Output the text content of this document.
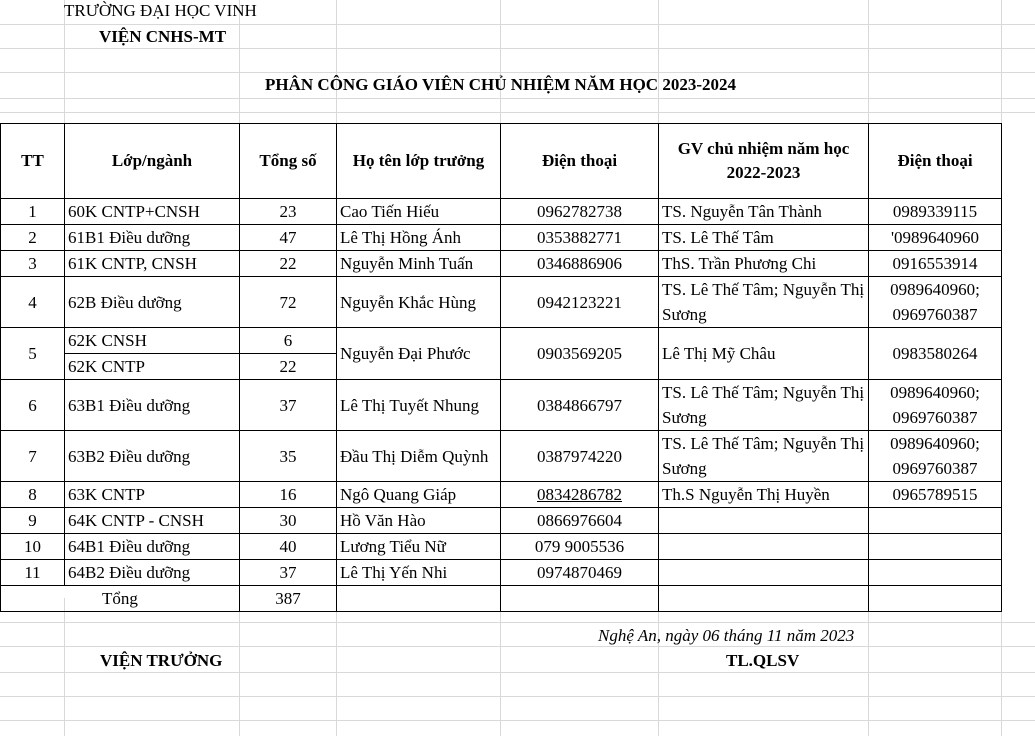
TRƯỜNG ĐẠI HỌC VINH
VIỆN CNHS-MT
PHÂN CÔNG GIÁO VIÊN CHỦ NHIỆM NĂM HỌC 2023-2024
TT	Lớp/ngành	Tổng số	Họ tên lớp trưởng	Điện thoại	GV chủ nhiệm năm học 2022-2023	Điện thoại
1	60K CNTP+CNSH	23	Cao Tiến Hiếu	0962782738	TS. Nguyễn Tân Thành	0989339115
2	61B1 Điều dưỡng	47	Lê Thị Hồng Ánh	0353882771	TS. Lê Thế Tâm	'0989640960
3	61K CNTP, CNSH	22	Nguyễn Minh Tuấn	0346886906	ThS. Trần Phương Chi	0916553914
4	62B Điều dưỡng	72	Nguyễn Khắc Hùng	0942123221	TS. Lê Thế Tâm; Nguyễn Thị Sương	0989640960; 0969760387
5	62K CNSH	6	Nguyễn Đại Phước	0903569205	Lê Thị Mỹ Châu	0983580264
	62K CNTP	22				
6	63B1 Điều dưỡng	37	Lê Thị Tuyết Nhung	0384866797	TS. Lê Thế Tâm; Nguyễn Thị Sương	0989640960; 0969760387
7	63B2 Điều dưỡng	35	Đầu Thị Diễm Quỳnh	0387974220	TS. Lê Thế Tâm; Nguyễn Thị Sương	0989640960; 0969760387
8	63K CNTP	16	Ngô Quang Giáp	0834286782	Th.S Nguyễn Thị Huyền	0965789515
9	64K CNTP - CNSH	30	Hồ Văn Hào	0866976604		
10	64B1 Điều dưỡng	40	Lương Tiểu Nữ	079 9005536		
11	64B2 Điều dưỡng	37	Lê Thị Yến Nhi	0974870469		
Tổng		387				
Nghệ An, ngày 06 tháng 11 năm 2023
VIỆN TRƯỞNG	TL.QLSV
